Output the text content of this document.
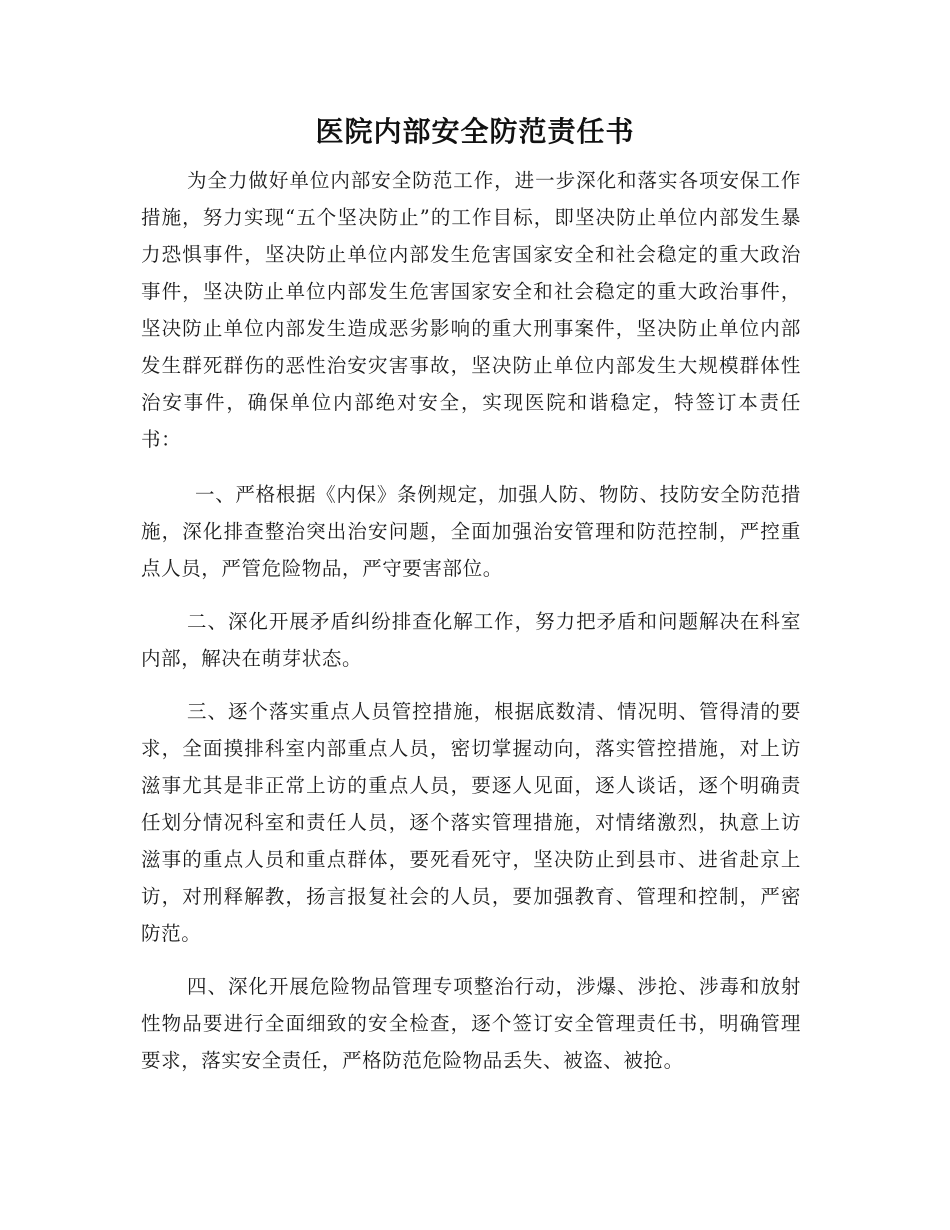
医院内部安全防范责任书

为全力做好单位内部安全防范工作，进一步深化和落实各项安保工作措施，努力实现“五个坚决防止”的工作目标，即坚决防止单位内部发生暴力恐惧事件，坚决防止单位内部发生危害国家安全和社会稳定的重大政治事件，坚决防止单位内部发生危害国家安全和社会稳定的重大政治事件，坚决防止单位内部发生造成恶劣影响的重大刑事案件，坚决防止单位内部发生群死群伤的恶性治安灾害事故，坚决防止单位内部发生大规模群体性治安事件，确保单位内部绝对安全，实现医院和谐稳定，特签订本责任书：

一、严格根据《内保》条例规定，加强人防、物防、技防安全防范措施，深化排查整治突出治安问题，全面加强治安管理和防范控制，严控重点人员，严管危险物品，严守要害部位。

二、深化开展矛盾纠纷排查化解工作，努力把矛盾和问题解决在科室内部，解决在萌芽状态。

三、逐个落实重点人员管控措施，根据底数清、情况明、管得清的要求，全面摸排科室内部重点人员，密切掌握动向，落实管控措施，对上访滋事尤其是非正常上访的重点人员，要逐人见面，逐人谈话，逐个明确责任划分情况科室和责任人员，逐个落实管理措施，对情绪激烈，执意上访滋事的重点人员和重点群体，要死看死守，坚决防止到县市、进省赴京上访，对刑释解教，扬言报复社会的人员，要加强教育、管理和控制，严密防范。

四、深化开展危险物品管理专项整治行动，涉爆、涉抢、涉毒和放射性物品要进行全面细致的安全检查，逐个签订安全管理责任书，明确管理要求，落实安全责任，严格防范危险物品丢失、被盗、被抢。
